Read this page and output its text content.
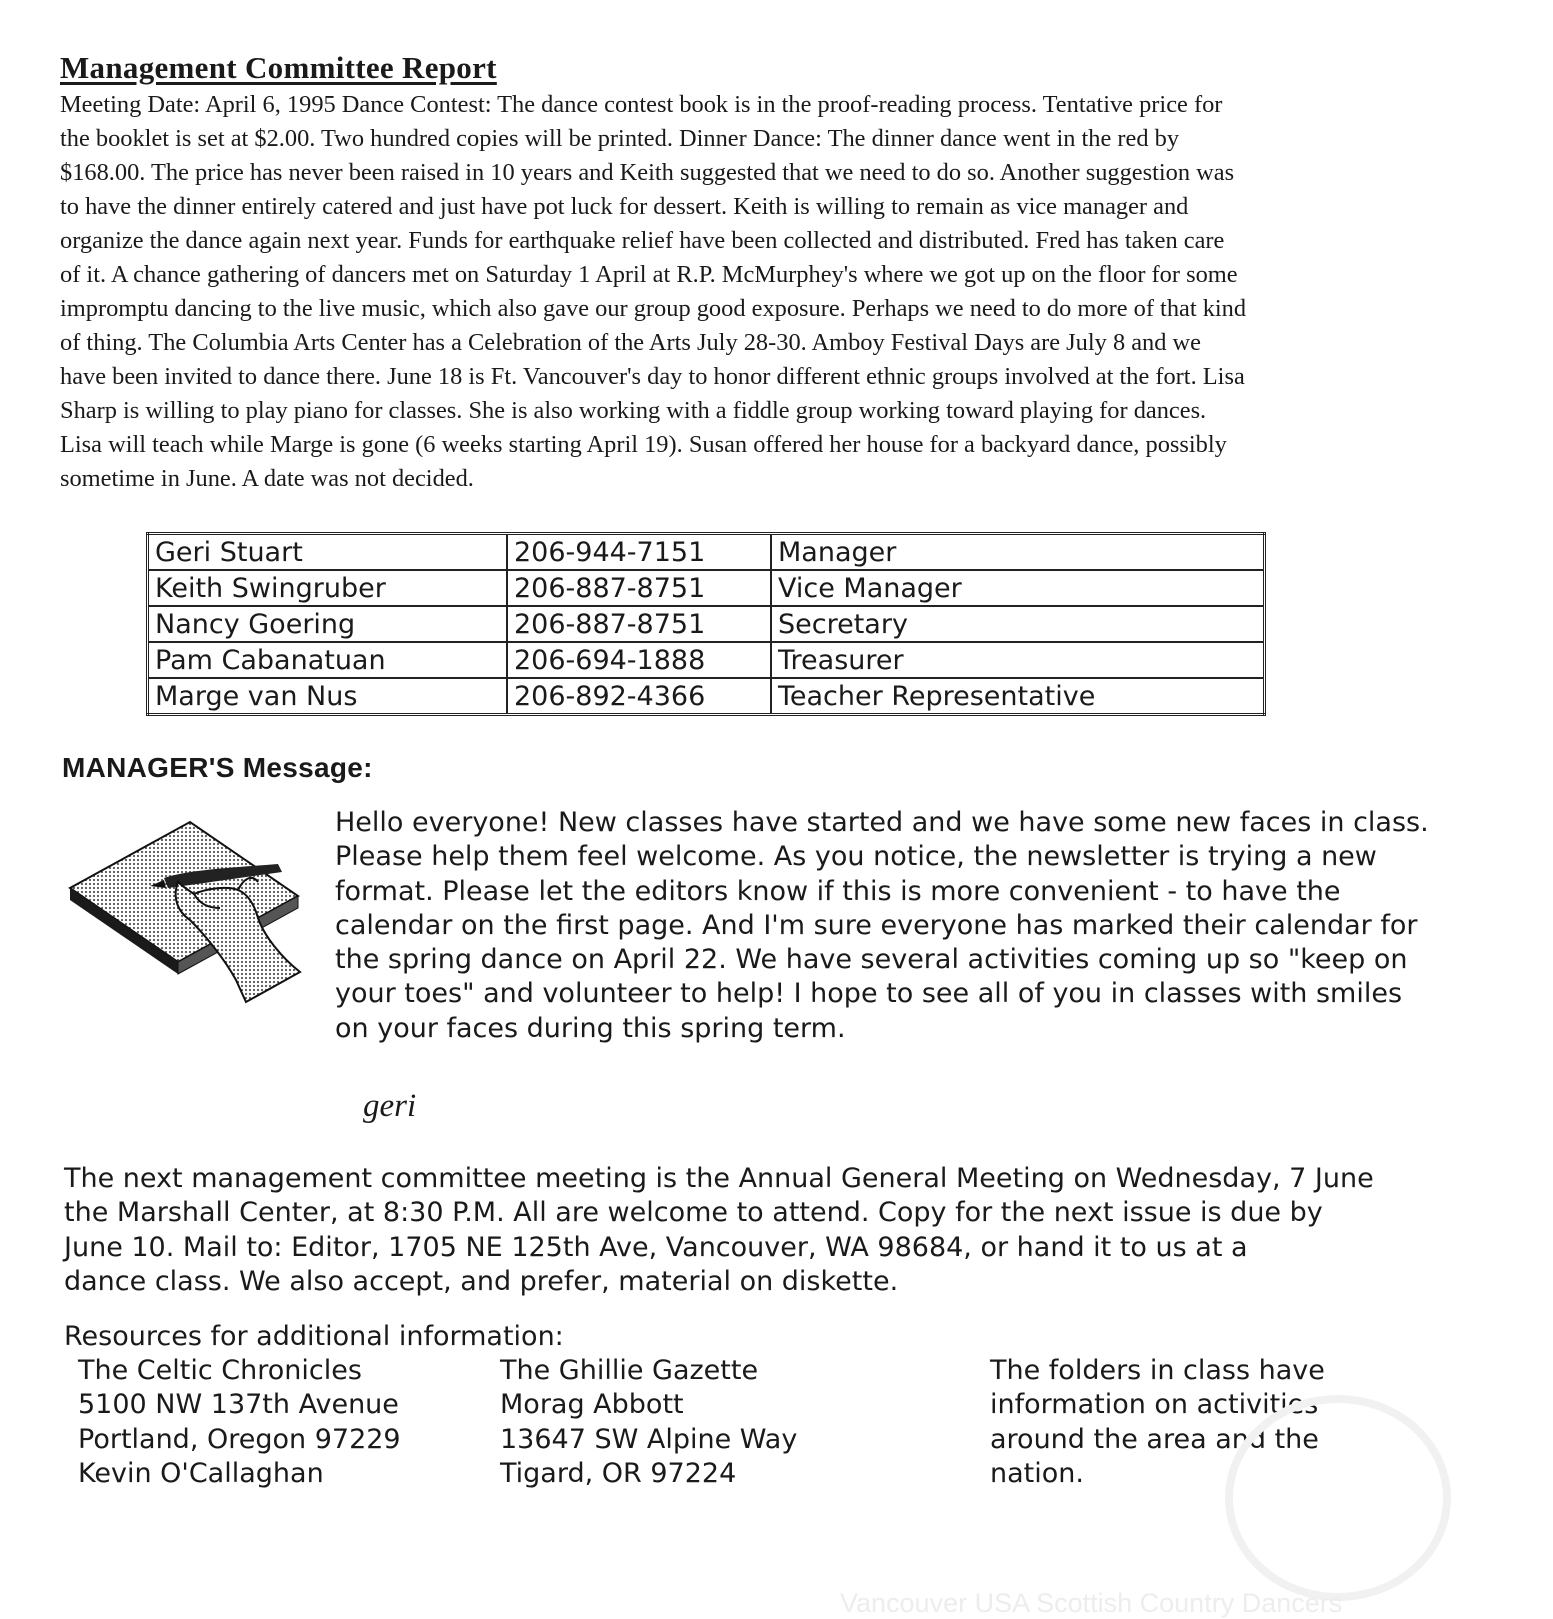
Management Committee Report
Meeting Date: April 6, 1995 Dance Contest: The dance contest book is in the proof-reading process. Tentative price for
the booklet is set at $2.00. Two hundred copies will be printed. Dinner Dance: The dinner dance went in the red by
$168.00. The price has never been raised in 10 years and Keith suggested that we need to do so. Another suggestion was
to have the dinner entirely catered and just have pot luck for dessert. Keith is willing to remain as vice manager and
organize the dance again next year. Funds for earthquake relief have been collected and distributed. Fred has taken care
of it. A chance gathering of dancers met on Saturday 1 April at R.P. McMurphey's where we got up on the floor for some
impromptu dancing to the live music, which also gave our group good exposure. Perhaps we need to do more of that kind
of thing. The Columbia Arts Center has a Celebration of the Arts July 28-30. Amboy Festival Days are July 8 and we
have been invited to dance there. June 18 is Ft. Vancouver's day to honor different ethnic groups involved at the fort. Lisa
Sharp is willing to play piano for classes. She is also working with a fiddle group working toward playing for dances.
Lisa will teach while Marge is gone (6 weeks starting April 19). Susan offered her house for a backyard dance, possibly
sometime in June. A date was not decided.
Geri Stuart	206-944-7151	Manager
Keith Swingruber	206-887-8751	Vice Manager
Nancy Goering	206-887-8751	Secretary
Pam Cabanatuan	206-694-1888	Treasurer
Marge van Nus	206-892-4366	Teacher Representative
MANAGER'S Message:
Hello everyone! New classes have started and we have some new faces in class.
Please help them feel welcome. As you notice, the newsletter is trying a new
format. Please let the editors know if this is more convenient - to have the
calendar on the first page. And I'm sure everyone has marked their calendar for
the spring dance on April 22. We have several activities coming up so "keep on
your toes" and volunteer to help! I hope to see all of you in classes with smiles
on your faces during this spring term.
geri
The next management committee meeting is the Annual General Meeting on Wednesday, 7 June
the Marshall Center, at 8:30 P.M. All are welcome to attend. Copy for the next issue is due by
June 10. Mail to: Editor, 1705 NE 125th Ave, Vancouver, WA 98684, or hand it to us at a
dance class. We also accept, and prefer, material on diskette.
Resources for additional information:
The Celtic Chronicles
5100 NW 137th Avenue
Portland, Oregon 97229
Kevin O'Callaghan
The Ghillie Gazette
Morag Abbott
13647 SW Alpine Way
Tigard, OR 97224
The folders in class have
information on activities
around the area and the
nation.
Vancouver USA Scottish Country Dancers
